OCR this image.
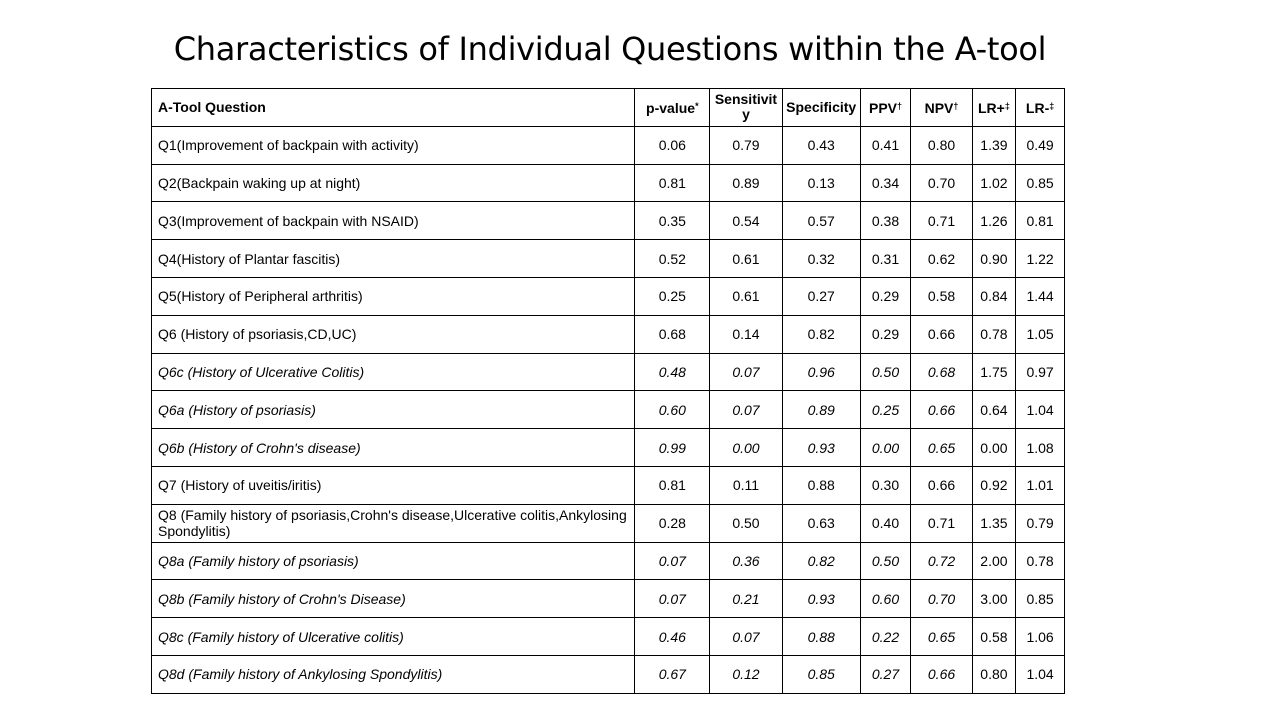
Characteristics of Individual Questions within the A-tool
A-Tool Question	p-value*	Sensitivity	Specificity	PPV†	NPV†	LR+‡	LR-‡
Q1(Improvement of backpain with activity)	0.06	0.79	0.43	0.41	0.80	1.39	0.49
Q2(Backpain waking up at night)	0.81	0.89	0.13	0.34	0.70	1.02	0.85
Q3(Improvement of backpain with NSAID)	0.35	0.54	0.57	0.38	0.71	1.26	0.81
Q4(History of Plantar fascitis)	0.52	0.61	0.32	0.31	0.62	0.90	1.22
Q5(History of Peripheral arthritis)	0.25	0.61	0.27	0.29	0.58	0.84	1.44
Q6 (History of psoriasis,CD,UC)	0.68	0.14	0.82	0.29	0.66	0.78	1.05
Q6c (History of Ulcerative Colitis)	0.48	0.07	0.96	0.50	0.68	1.75	0.97
Q6a (History of psoriasis)	0.60	0.07	0.89	0.25	0.66	0.64	1.04
Q6b (History of Crohn's disease)	0.99	0.00	0.93	0.00	0.65	0.00	1.08
Q7 (History of uveitis/iritis)	0.81	0.11	0.88	0.30	0.66	0.92	1.01
Q8 (Family history of psoriasis,Crohn's disease,Ulcerative colitis,Ankylosing Spondylitis)	0.28	0.50	0.63	0.40	0.71	1.35	0.79
Q8a (Family history of psoriasis)	0.07	0.36	0.82	0.50	0.72	2.00	0.78
Q8b (Family history of Crohn's Disease)	0.07	0.21	0.93	0.60	0.70	3.00	0.85
Q8c (Family history of Ulcerative colitis)	0.46	0.07	0.88	0.22	0.65	0.58	1.06
Q8d (Family history of Ankylosing Spondylitis)	0.67	0.12	0.85	0.27	0.66	0.80	1.04
